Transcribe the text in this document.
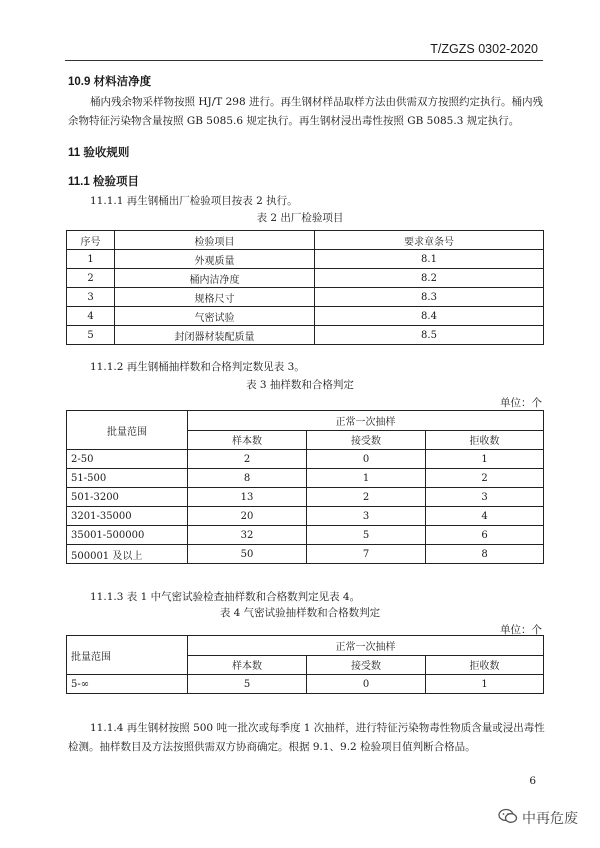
T/ZGZS 0302-2020
10.9 材料洁净度
桶内残余物采样物按照 HJ/T 298 进行。再生钢材样品取样方法由供需双方按照约定执行。桶内残
余物特征污染物含量按照 GB 5085.6 规定执行。再生钢材浸出毒性按照 GB 5085.3 规定执行。
11 验收规则
11.1 检验项目
11.1.1 再生钢桶出厂检验项目按表 2 执行。
表 2 出厂检验项目
序号	检验项目	要求章条号
1	外观质量	8.1
2	桶内洁净度	8.2
3	规格尺寸	8.3
4	气密试验	8.4
5	封闭器材装配质量	8.5
11.1.2 再生钢桶抽样数和合格判定数见表 3。
表 3 抽样数和合格判定
单位：个
批量范围	正常一次抽样		
	样本数	接受数	拒收数
2-50	2	0	1
51-500	8	1	2
501-3200	13	2	3
3201-35000	20	3	4
35001-500000	32	5	6
500001 及以上	50	7	8
11.1.3 表 1 中气密试验检查抽样数和合格数判定见表 4。
表 4 气密试验抽样数和合格数判定
单位：个
批量范围	正常一次抽样		
	样本数	接受数	拒收数
5-∞	5	0	1
11.1.4 再生钢材按照 500 吨一批次或每季度 1 次抽样，进行特征污染物毒性物质含量或浸出毒性
检测。抽样数目及方法按照供需双方协商确定。根据 9.1、9.2 检验项目值判断合格品。
6
中再危废
